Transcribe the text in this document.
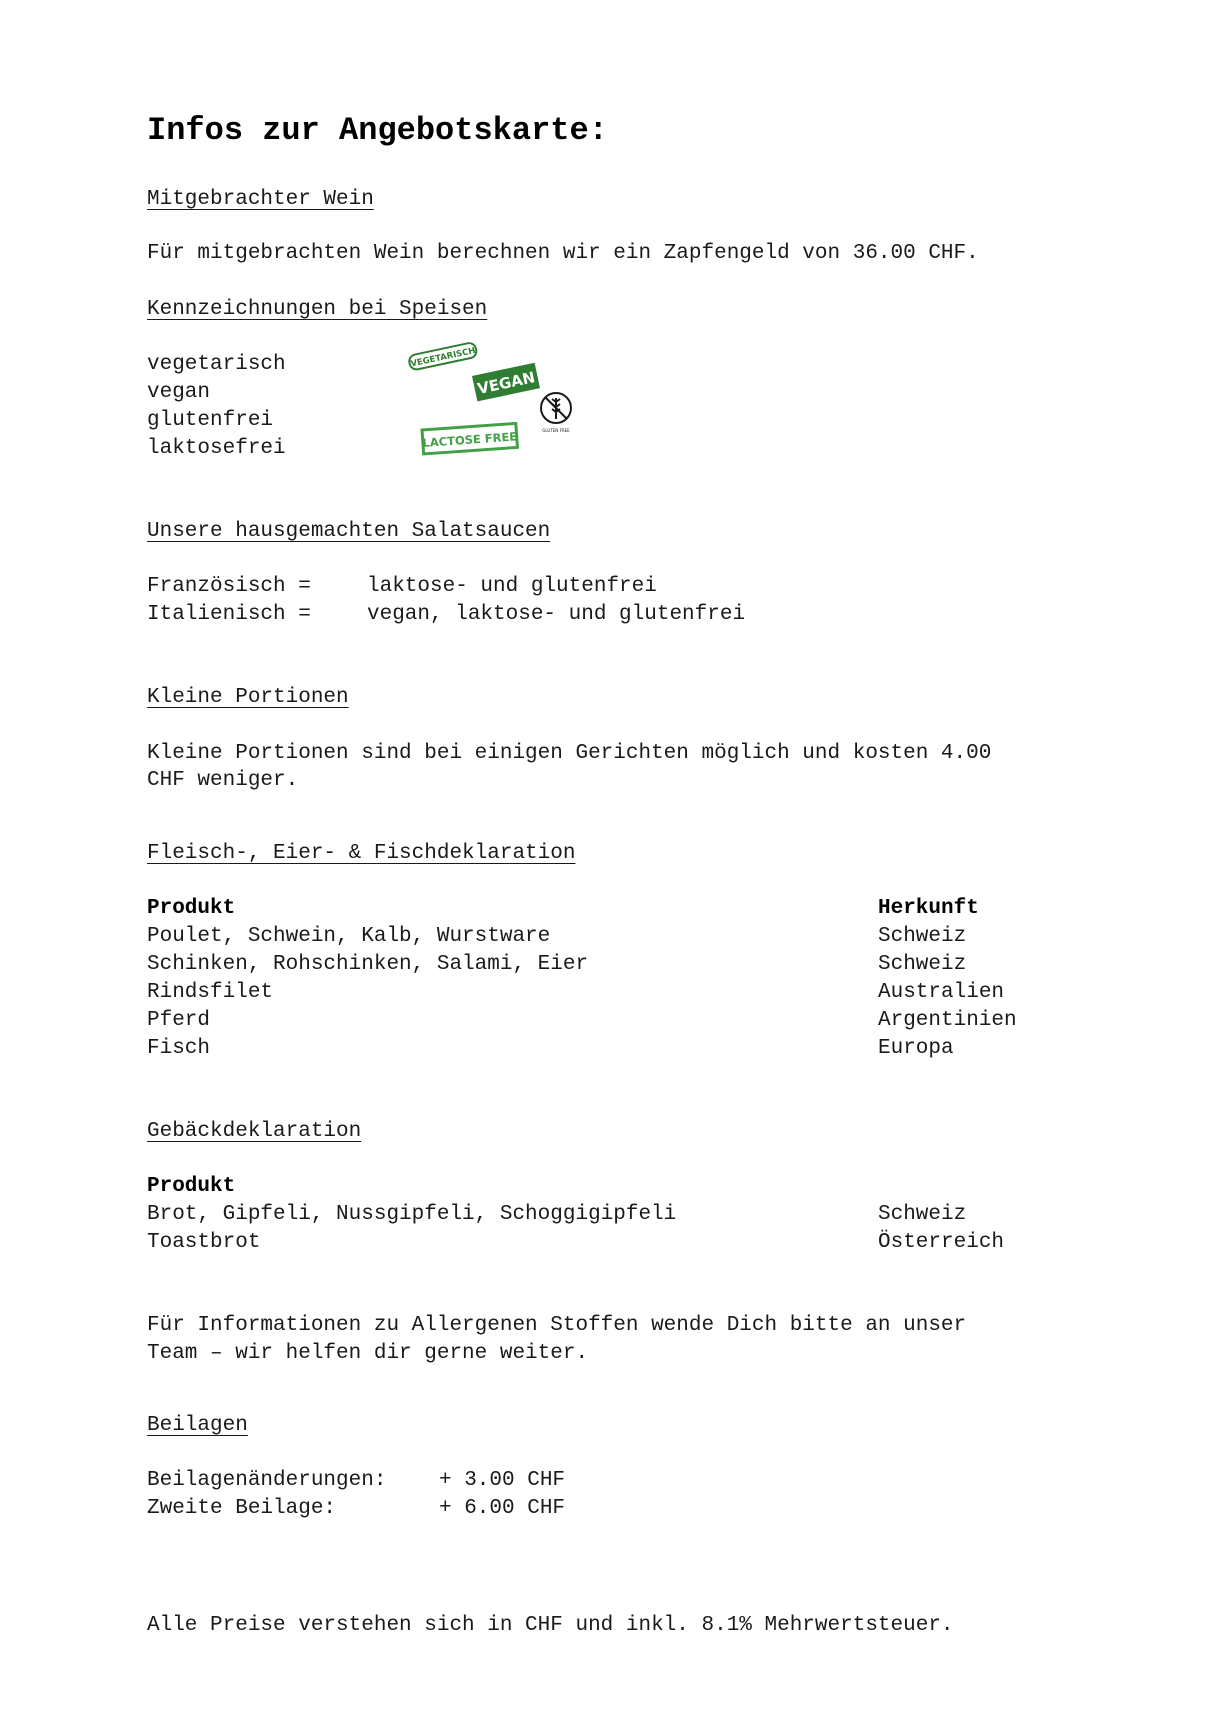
Infos zur Angebotskarte:
Mitgebrachter Wein
Für mitgebrachten Wein berechnen wir ein Zapfengeld von 36.00 CHF.
Kennzeichnungen bei Speisen
vegetarisch
vegan
glutenfrei
laktosefrei
VEGETARISCH
VEGAN
GLUTEN FREE
LACTOSE FREE
Unsere hausgemachten Salatsaucen
Französisch =	laktose- und glutenfrei
Italienisch =	vegan, laktose- und glutenfrei
Kleine Portionen
Kleine Portionen sind bei einigen Gerichten möglich und kosten 4.00
CHF weniger.
Fleisch-, Eier- & Fischdeklaration
Produkt	Herkunft
Poulet, Schwein, Kalb, Wurstware	Schweiz
Schinken, Rohschinken, Salami, Eier	Schweiz
Rindsfilet	Australien
Pferd	Argentinien
Fisch	Europa
Gebäckdeklaration
Produkt
Brot, Gipfeli, Nussgipfeli, Schoggigipfeli	Schweiz
Toastbrot	Österreich
Für Informationen zu Allergenen Stoffen wende Dich bitte an unser
Team – wir helfen dir gerne weiter.
Beilagen
Beilagenänderungen:	+ 3.00 CHF
Zweite Beilage:	+ 6.00 CHF
Alle Preise verstehen sich in CHF und inkl. 8.1% Mehrwertsteuer.
